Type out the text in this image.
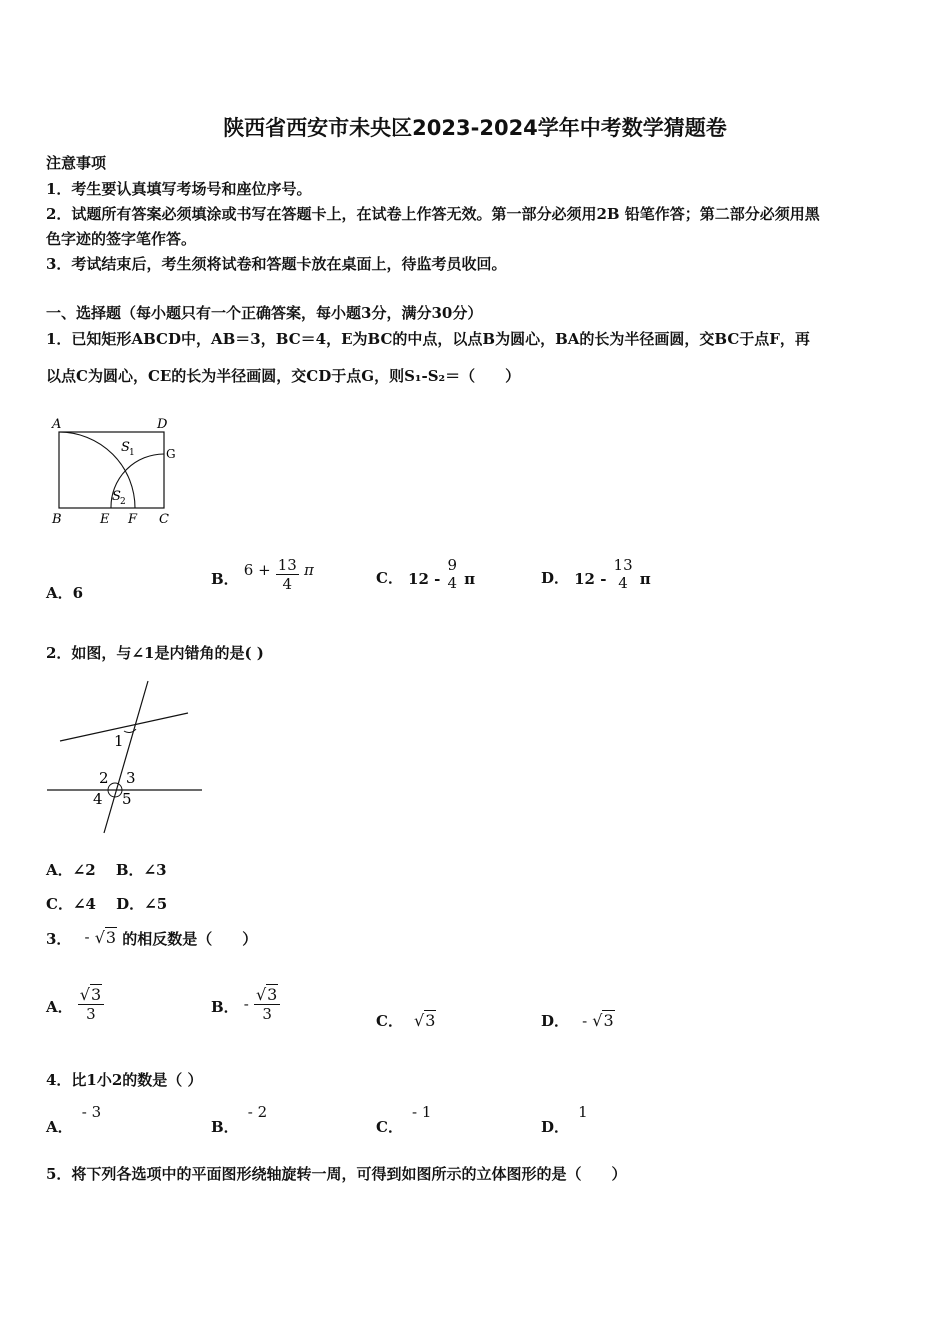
陕西省西安市未央区2023-2024学年中考数学猜题卷
注意事项
1．考生要认真填写考场号和座位序号。
2．试题所有答案必须填涂或书写在答题卡上，在试卷上作答无效。第一部分必须用2B 铅笔作答；第二部分必须用黑
色字迹的签字笔作答。
3．考试结束后，考生须将试卷和答题卡放在桌面上，待监考员收回。
一、选择题（每小题只有一个正确答案，每小题3分，满分30分）
1．已知矩形ABCD中，AB＝3，BC＝4，E为BC的中点，以点B为圆心，BA的长为半径画圆，交BC于点F，再
以点C为圆心，CE的长为半径画圆，交CD于点G，则S₁-S₂＝（　　）
A	D
B	E F C
G
S 1
S 2
A．6
B． $6 + \frac{13}{4}$ π	C． 12 -
9
4 π	D． 12 -
13
4 π
2．如图，与∠1是内错角的是( )
1
2 3
4 5
A．∠2　 B．∠3
C．∠4　 D．∠5
3． - √3 的相反数是（　　）
A． $\frac{√3}{3}$	B． - $\frac{√3}{3}$	C． √3	D． - √3
4．比1小2的数是（ ）
A． - 3
B． - 2
C． - 1
D． 1
5．将下列各选项中的平面图形绕轴旋转一周，可得到如图所示的立体图形的是（　　）
